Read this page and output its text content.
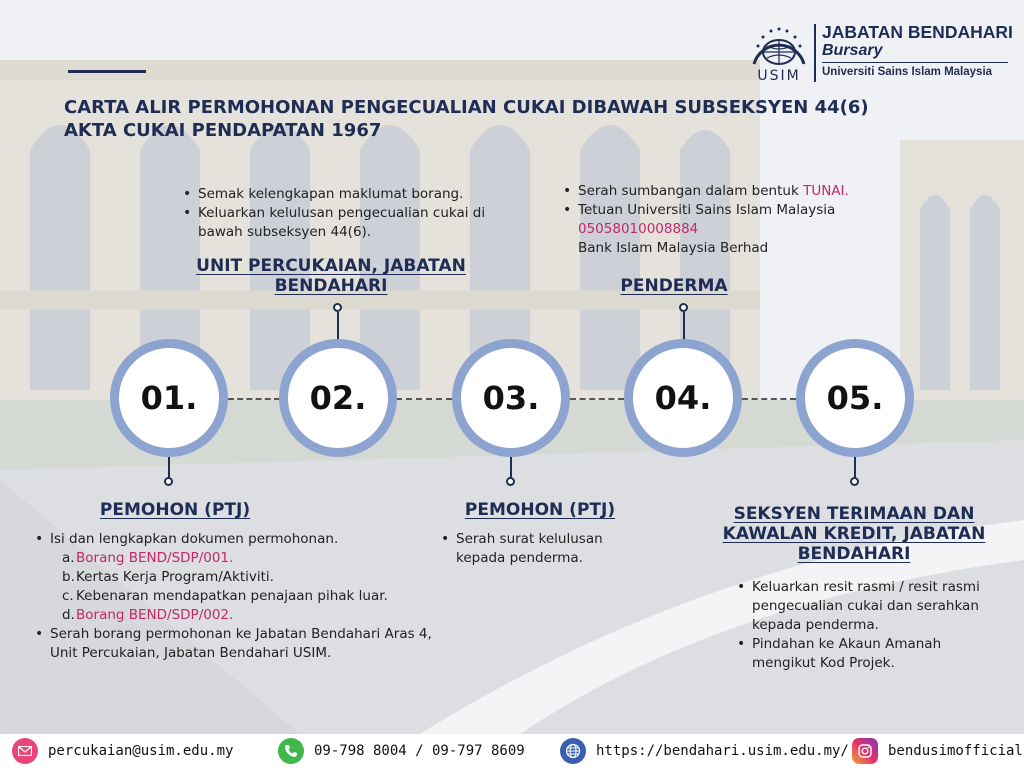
USIM
JABATAN BENDAHARI
Bursary
Universiti Sains Islam Malaysia
CARTA ALIR PERMOHONAN PENGECUALIAN CUKAI DIBAWAH SUBSEKSYEN 44(6)
AKTA CUKAI PENDAPATAN 1967
• Semak kelengkapan maklumat borang.
• Keluarkan kelulusan pengecualian cukai di bawah subseksyen 44(6).
• Serah sumbangan dalam bentuk TUNAI.
• Tetuan Universiti Sains Islam Malaysia
05058010008884
Bank Islam Malaysia Berhad
UNIT PERCUKAIAN, JABATAN BENDAHARI	PENDERMA
01.	02.	03.	04.	05.
PEMOHON (PTJ)	PEMOHON (PTJ)	SEKSYEN TERIMAAN DAN KAWALAN KREDIT, JABATAN BENDAHARI
• Isi dan lengkapkan dokumen permohonan.
a. Borang BEND/SDP/001.
b. Kertas Kerja Program/Aktiviti.
c. Kebenaran mendapatkan penajaan pihak luar.
d. Borang BEND/SDP/002.
• Serah borang permohonan ke Jabatan Bendahari Aras 4, Unit Percukaian, Jabatan Bendahari USIM.
• Serah surat kelulusan kepada penderma.
• Keluarkan resit rasmi / resit rasmi pengecualian cukai dan serahkan kepada penderma.
• Pindahan ke Akaun Amanah mengikut Kod Projek.
percukaian@usim.edu.my	09-798 8004 / 09-797 8609	https://bendahari.usim.edu.my/	bendusimofficial
